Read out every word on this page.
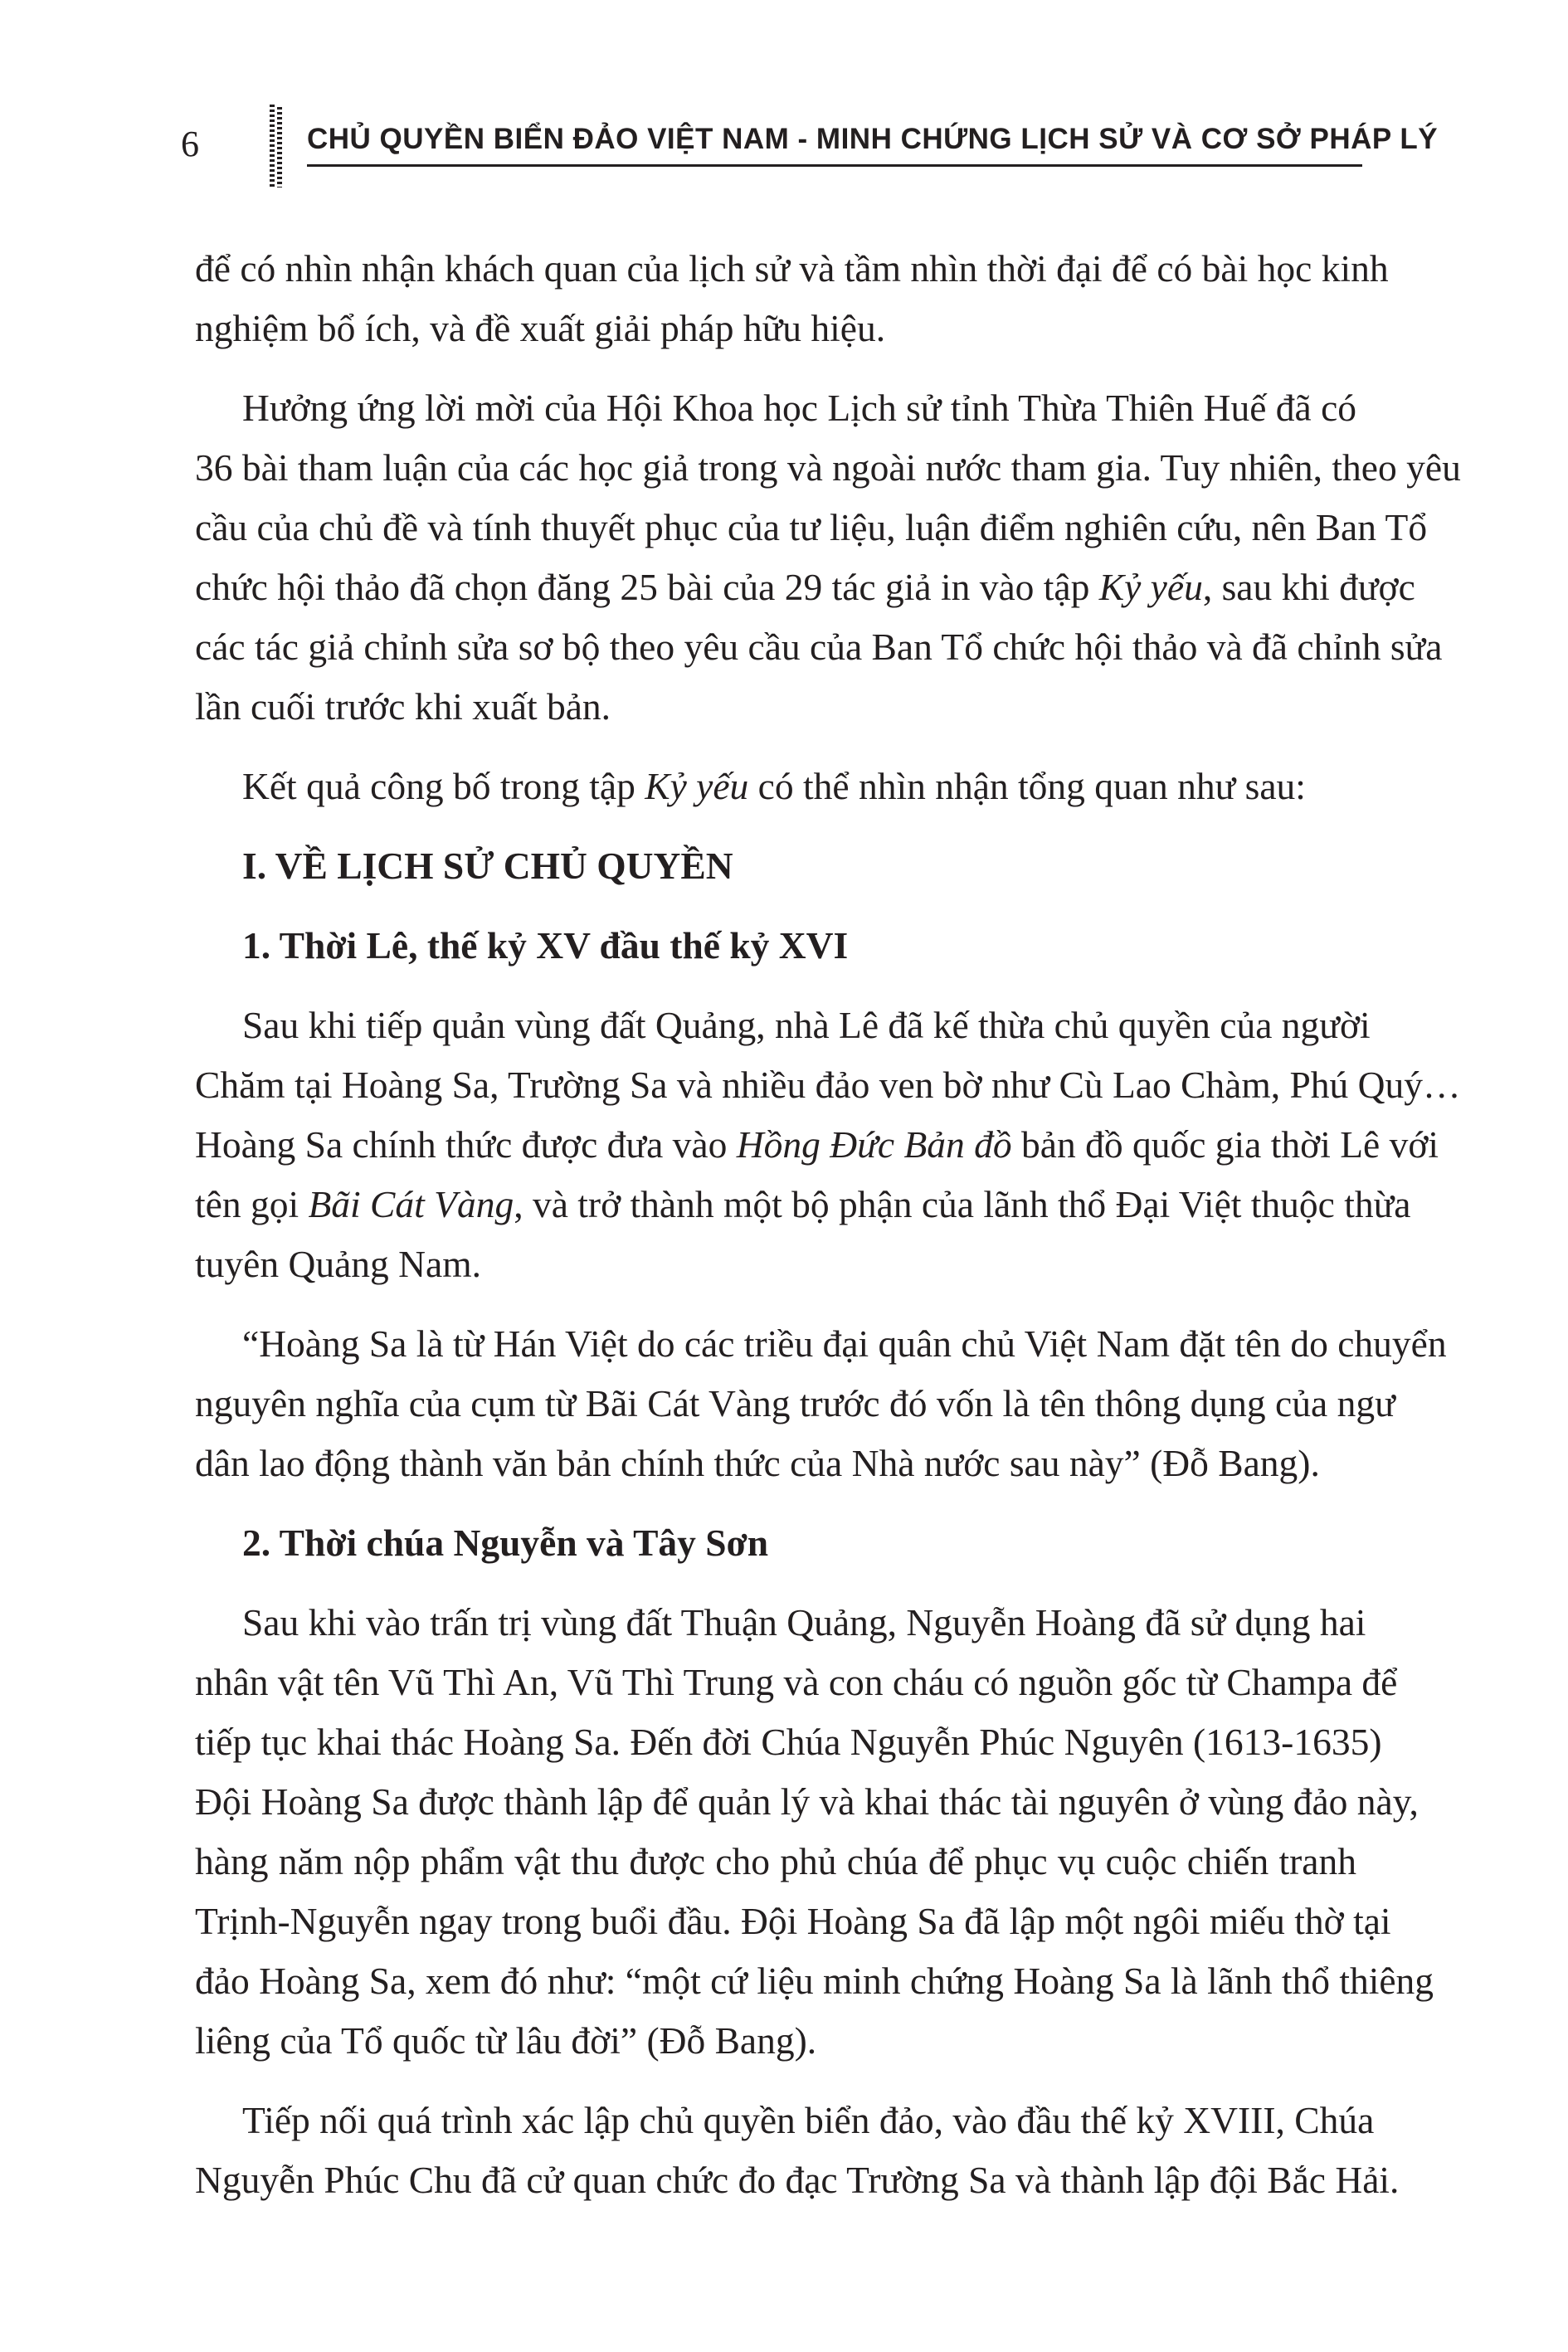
6	CHỦ QUYỀN BIỂN ĐẢO VIỆT NAM - MINH CHỨNG LỊCH SỬ VÀ CƠ SỞ PHÁP LÝ

để có nhìn nhận khách quan của lịch sử và tầm nhìn thời đại để có bài học kinh
nghiệm bổ ích, và đề xuất giải pháp hữu hiệu.

Hưởng ứng lời mời của Hội Khoa học Lịch sử tỉnh Thừa Thiên Huế đã có
36 bài tham luận của các học giả trong và ngoài nước tham gia. Tuy nhiên, theo yêu
cầu của chủ đề và tính thuyết phục của tư liệu, luận điểm nghiên cứu, nên Ban Tổ
chức hội thảo đã chọn đăng 25 bài của 29 tác giả in vào tập Kỷ yếu, sau khi được
các tác giả chỉnh sửa sơ bộ theo yêu cầu của Ban Tổ chức hội thảo và đã chỉnh sửa
lần cuối trước khi xuất bản.

Kết quả công bố trong tập Kỷ yếu có thể nhìn nhận tổng quan như sau:

I. VỀ LỊCH SỬ CHỦ QUYỀN
1. Thời Lê, thế kỷ XV đầu thế kỷ XVI

Sau khi tiếp quản vùng đất Quảng, nhà Lê đã kế thừa chủ quyền của người
Chăm tại Hoàng Sa, Trường Sa và nhiều đảo ven bờ như Cù Lao Chàm, Phú Quý…
Hoàng Sa chính thức được đưa vào Hồng Đức Bản đồ bản đồ quốc gia thời Lê với
tên gọi Bãi Cát Vàng, và trở thành một bộ phận của lãnh thổ Đại Việt thuộc thừa
tuyên Quảng Nam.

“Hoàng Sa là từ Hán Việt do các triều đại quân chủ Việt Nam đặt tên do chuyển
nguyên nghĩa của cụm từ Bãi Cát Vàng trước đó vốn là tên thông dụng của ngư
dân lao động thành văn bản chính thức của Nhà nước sau này” (Đỗ Bang).

2. Thời chúa Nguyễn và Tây Sơn

Sau khi vào trấn trị vùng đất Thuận Quảng, Nguyễn Hoàng đã sử dụng hai
nhân vật tên Vũ Thì An, Vũ Thì Trung và con cháu có nguồn gốc từ Champa để
tiếp tục khai thác Hoàng Sa. Đến đời Chúa Nguyễn Phúc Nguyên (1613-1635)
Đội Hoàng Sa được thành lập để quản lý và khai thác tài nguyên ở vùng đảo này,
hàng năm nộp phẩm vật thu được cho phủ chúa để phục vụ cuộc chiến tranh
Trịnh-Nguyễn ngay trong buổi đầu. Đội Hoàng Sa đã lập một ngôi miếu thờ tại
đảo Hoàng Sa, xem đó như: “một cứ liệu minh chứng Hoàng Sa là lãnh thổ thiêng
liêng của Tổ quốc từ lâu đời” (Đỗ Bang).

Tiếp nối quá trình xác lập chủ quyền biển đảo, vào đầu thế kỷ XVIII, Chúa
Nguyễn Phúc Chu đã cử quan chức đo đạc Trường Sa và thành lập đội Bắc Hải.
